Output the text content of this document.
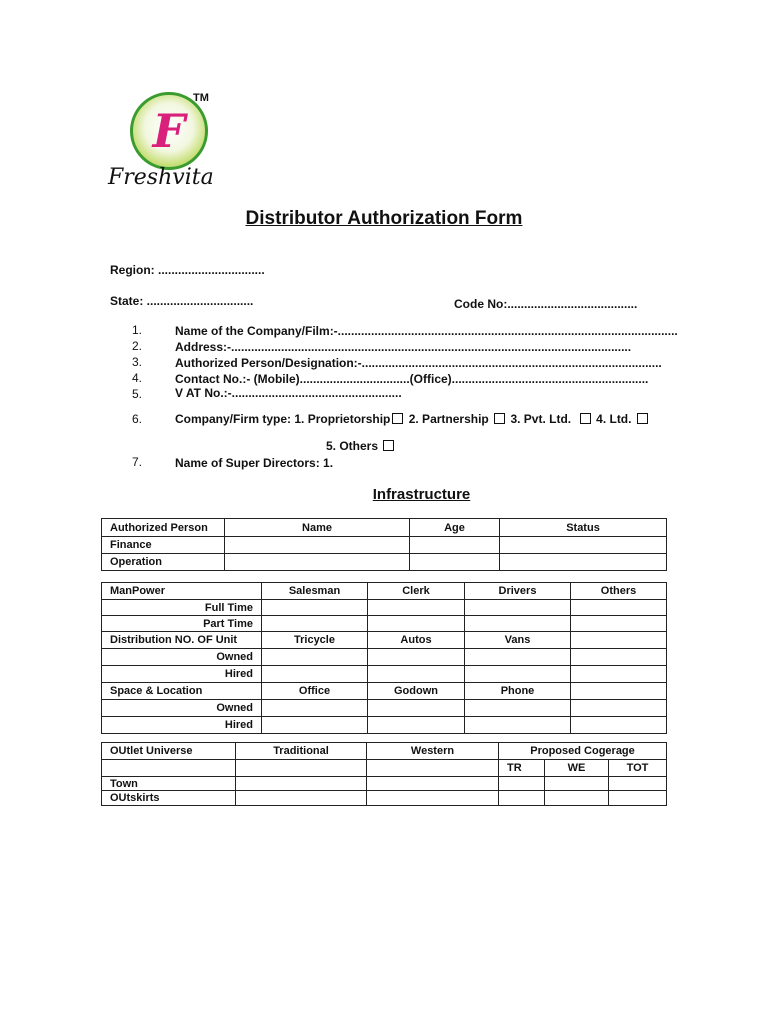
F
TM
Freshvita
Distributor Authorization Form
Region: ................................
State: ................................	Code No:.......................................
1.	Name of the Company/Film:-......................................................................................................
2.	Address:-........................................................................................................................
3.	Authorized Person/Designation:-..........................................................................................
4.	Contact No.:- (Mobile).................................(Office)...........................................................
5.	V AT No.:-...................................................
6.	Company/Firm type: 1. Proprietorship 2. Partnership 3. Pvt. Ltd. 4. Ltd.
5. Others
7.	Name of Super Directors: 1.
Infrastructure
Authorized Person	Name	Age	Status
Finance			
Operation			
ManPower	Salesman	Clerk	Drivers	Others
Full Time				
Part Time				
Distribution NO. OF Unit	Tricycle	Autos	Vans	
Owned				
Hired				
Space & Location	Office	Godown	Phone	
Owned				
Hired				
OUtlet Universe	Traditional	Western	Proposed Cogerage		
			TR	WE	TOT
Town					
OUtskirts					
